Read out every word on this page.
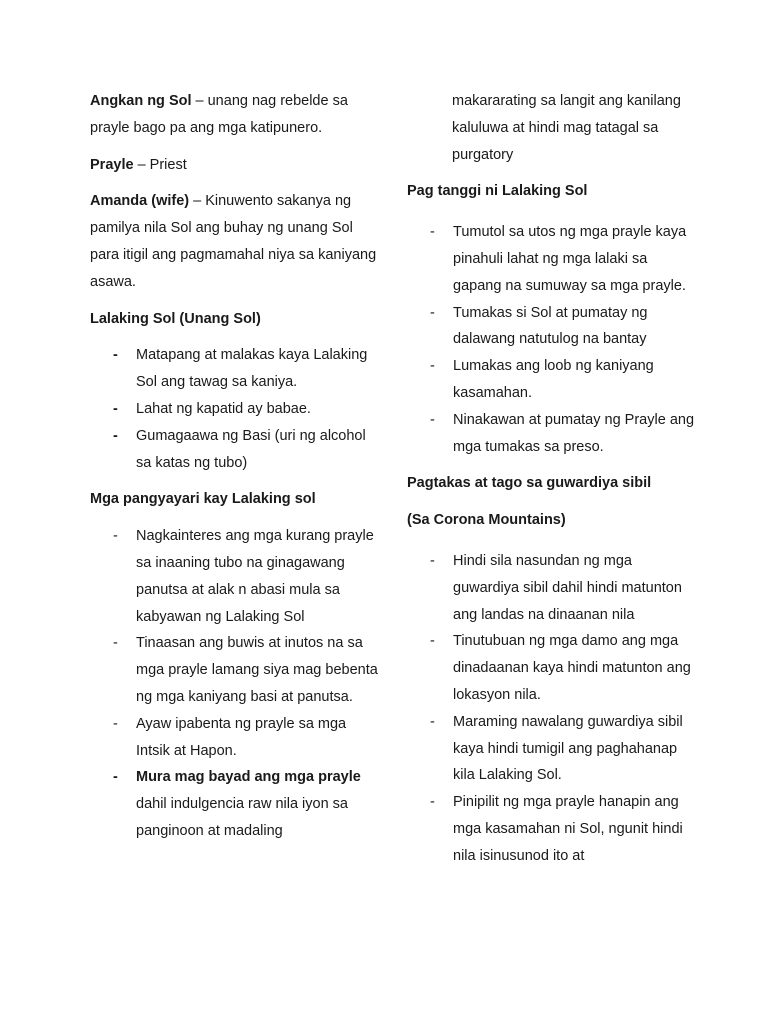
Angkan ng Sol – unang nag rebelde sa prayle bago pa ang mga katipunero.

Prayle – Priest

Amanda (wife) – Kinuwento sakanya ng pamilya nila Sol ang buhay ng unang Sol para itigil ang pagmamahal niya sa kaniyang asawa.

Lalaking Sol (Unang Sol)

- Matapang at malakas kaya Lalaking Sol ang tawag sa kaniya.
- Lahat ng kapatid ay babae.
- Gumagaawa ng Basi (uri ng alcohol sa katas ng tubo)

Mga pangyayari kay Lalaking sol

- Nagkainteres ang mga kurang prayle sa inaaning tubo na ginagawang panutsa at alak n abasi mula sa kabyawan ng Lalaking Sol
- Tinaasan ang buwis at inutos na sa mga prayle lamang siya mag bebenta ng mga kaniyang basi at panutsa.
- Ayaw ipabenta ng prayle sa mga Intsik at Hapon.
- Mura mag bayad ang mga prayle dahil indulgencia raw nila iyon sa panginoon at madaling

makararating sa langit ang kanilang kaluluwa at hindi mag tatagal sa purgatory

Pag tanggi ni Lalaking Sol

- Tumutol sa utos ng mga prayle kaya pinahuli lahat ng mga lalaki sa gapang na sumuway sa mga prayle.
- Tumakas si Sol at pumatay ng dalawang natutulog na bantay
- Lumakas ang loob ng kaniyang kasamahan.
- Ninakawan at pumatay ng Prayle ang mga tumakas sa preso.

Pagtakas at tago sa guwardiya sibil

(Sa Corona Mountains)

- Hindi sila nasundan ng mga guwardiya sibil dahil hindi matunton ang landas na dinaanan nila
- Tinutubuan ng mga damo ang mga dinadaanan kaya hindi matunton ang lokasyon nila.
- Maraming nawalang guwardiya sibil kaya hindi tumigil ang paghahanap kila Lalaking Sol.
- Pinipilit ng mga prayle hanapin ang mga kasamahan ni Sol, ngunit hindi nila isinusunod ito at
